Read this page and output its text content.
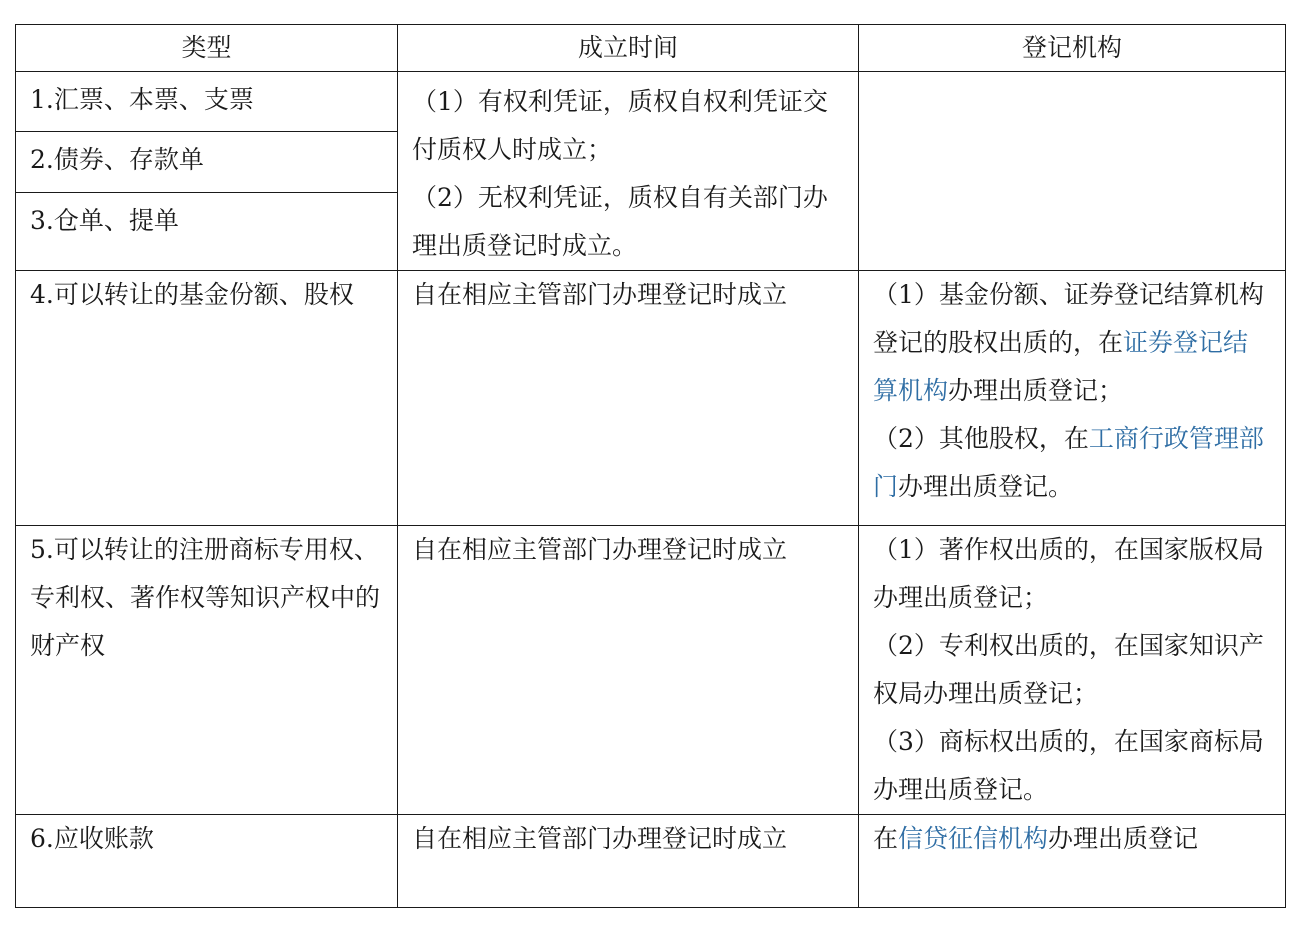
类型	成立时间	登记机构
1.汇票、本票、支票	（1）有权利凭证，质权自权利凭证交付质权人时成立；
（2）无权利凭证，质权自有关部门办理出质登记时成立。	

2.债券、存款单		
3.仓单、提单		
4.可以转让的基金份额、股权	自在相应主管部门办理登记时成立	（1）基金份额、证券登记结算机构登记的股权出质的，在证券登记结算机构办理出质登记；
（2）其他股权，在工商行政管理部门办理出质登记。

5.可以转让的注册商标专用权、专利权、著作权等知识产权中的财产权	自在相应主管部门办理登记时成立	（1）著作权出质的，在国家版权局办理出质登记；
（2）专利权出质的，在国家知识产权局办理出质登记；
（3）商标权出质的，在国家商标局办理出质登记。

6.应收账款	自在相应主管部门办理登记时成立	在信贷征信机构办理出质登记
